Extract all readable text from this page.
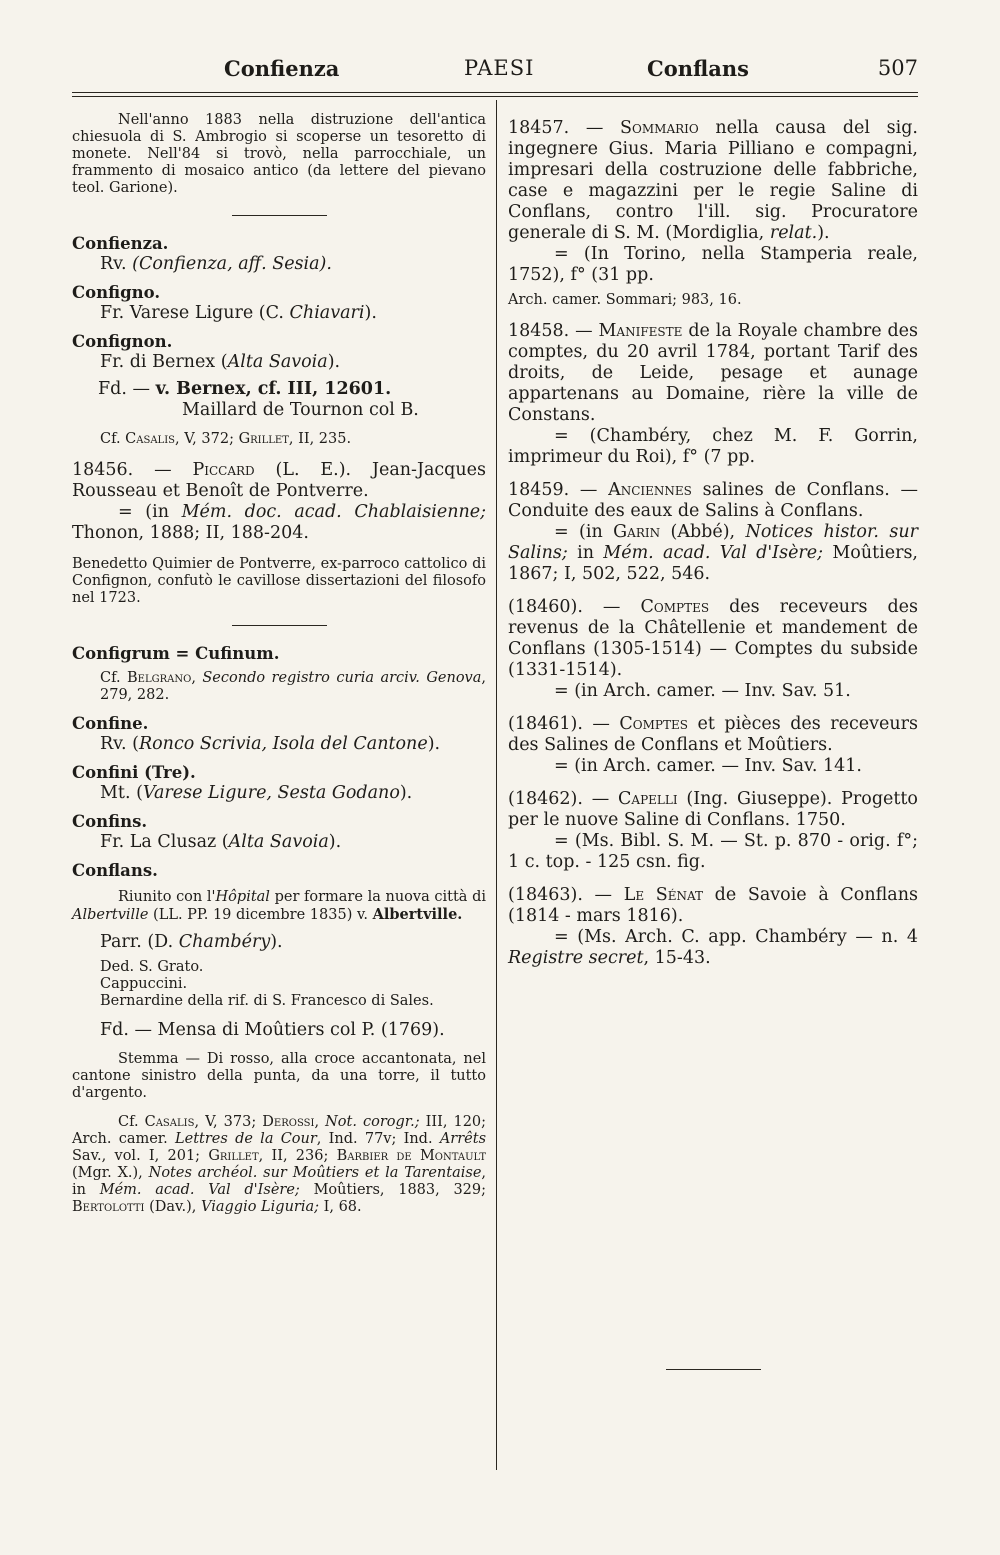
Confienza	PAESI	Conflans	507

Nell'anno 1883 nella distruzione dell'antica chiesuola di S. Ambrogio si scoperse un tesoretto di monete. Nell'84 si trovò, nella parrocchiale, un frammento di mosaico antico (da lettere del pievano teol. Garione).

Confienza.

Rv. (Confienza, aff. Sesia).

Configno.

Fr. Varese Ligure (C. Chiavari).

Confignon.

Fr. di Bernex (Alta Savoia).

Fd. — v. Bernex, cf. III, 12601.
Maillard de Tournon col B.

Cf. Casalis, V, 372; Grillet, II, 235.

18456. — Piccard (L. E.). Jean-Jacques Rousseau et Benoît de Pontverre.

= (in Mém. doc. acad. Chablaisienne; Thonon, 1888; II, 188-204.

Benedetto Quimier de Pontverre, ex-parroco cattolico di Confignon, confutò le cavillose dissertazioni del filosofo nel 1723.

Configrum = Cufinum.

Cf. Belgrano, Secondo registro curia arciv. Genova, 279, 282.

Confine.

Rv. (Ronco Scrivia, Isola del Cantone).

Confini (Tre).

Mt. (Varese Ligure, Sesta Godano).

Confins.

Fr. La Clusaz (Alta Savoia).

Conflans.

Riunito con l'Hôpital per formare la nuova città di Albertville (LL. PP. 19 dicembre 1835) v. Albertville.

Parr. (D. Chambéry).

Ded. S. Grato.

Cappuccini.

Bernardine della rif. di S. Francesco di Sales.

Fd. — Mensa di Moûtiers col P. (1769).

Stemma — Di rosso, alla croce accantonata, nel cantone sinistro della punta, da una torre, il tutto d'argento.

Cf. Casalis, V, 373; Derossi, Not. corogr.; III, 120; Arch. camer. Lettres de la Cour, Ind. 77v; Ind. Arrêts Sav., vol. I, 201; Grillet, II, 236; Barbier de Montault (Mgr. X.), Notes archéol. sur Moûtiers et la Tarentaise, in Mém. acad. Val d'Isère; Moûtiers, 1883, 329; Bertolotti (Dav.), Viaggio Liguria; I, 68.

18457. — Sommario nella causa del sig. ingegnere Gius. Maria Pilliano e compagni, impresari della costruzione delle fabbriche, case e magazzini per le regie Saline di Conflans, contro l'ill. sig. Procuratore generale di S. M. (Mordiglia, relat.).

= (In Torino, nella Stamperia reale, 1752), f° (31 pp.

Arch. camer. Sommari; 983, 16.

18458. — Manifeste de la Royale chambre des comptes, du 20 avril 1784, portant Tarif des droits, de Leide, pesage et aunage appartenans au Domaine, rière la ville de Constans.

= (Chambéry, chez M. F. Gorrin, imprimeur du Roi), f° (7 pp.

18459. — Anciennes salines de Conflans. — Conduite des eaux de Salins à Conflans.

= (in Garin (Abbé), Notices histor. sur Salins; in Mém. acad. Val d'Isère; Moûtiers, 1867; I, 502, 522, 546.

(18460). — Comptes des receveurs des revenus de la Châtellenie et mandement de Conflans (1305-1514) — Comptes du subside (1331-1514).

= (in Arch. camer. — Inv. Sav. 51.

(18461). — Comptes et pièces des receveurs des Salines de Conflans et Moûtiers.

= (in Arch. camer. — Inv. Sav. 141.

(18462). — Capelli (Ing. Giuseppe). Progetto per le nuove Saline di Conflans. 1750.

= (Ms. Bibl. S. M. — St. p. 870 - orig. f°; 1 c. top. - 125 csn. fig.

(18463). — Le Sénat de Savoie à Conflans (1814 - mars 1816).

= (Ms. Arch. C. app. Chambéry — n. 4 Registre secret, 15-43.
